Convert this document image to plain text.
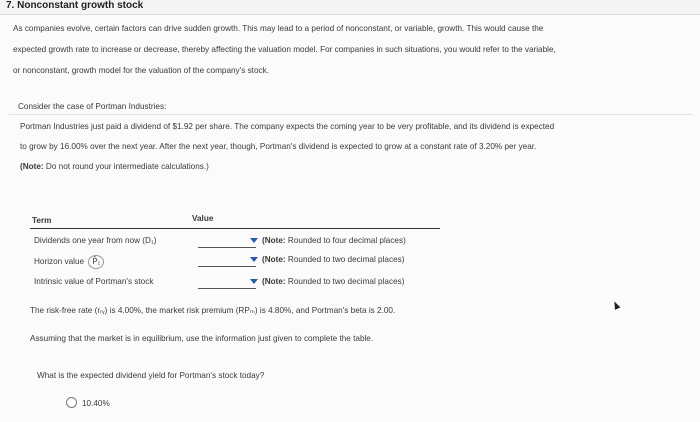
7. Nonconstant growth stock
As companies evolve, certain factors can drive sudden growth. This may lead to a period of nonconstant, or variable, growth. This would cause the
expected growth rate to increase or decrease, thereby affecting the valuation model. For companies in such situations, you would refer to the variable,
or nonconstant, growth model for the valuation of the company's stock.
Consider the case of Portman Industries:
Portman Industries just paid a dividend of $1.92 per share. The company expects the coming year to be very profitable, and its dividend is expected
to grow by 16.00% over the next year. After the next year, though, Portman's dividend is expected to grow at a constant rate of 3.20% per year.
(Note: Do not round your intermediate calculations.)
Term	Value
Dividends one year from now (D₁)	(Note: Rounded to four decimal places)
Horizon value P̂₁	(Note: Rounded to two decimal places)
Intrinsic value of Portman's stock	(Note: Rounded to two decimal places)
The risk-free rate (rᵣᵧ) is 4.00%, the market risk premium (RPₘ) is 4.80%, and Portman's beta is 2.00.
Assuming that the market is in equilibrium, use the information just given to complete the table.
What is the expected dividend yield for Portman's stock today?
10.40%
